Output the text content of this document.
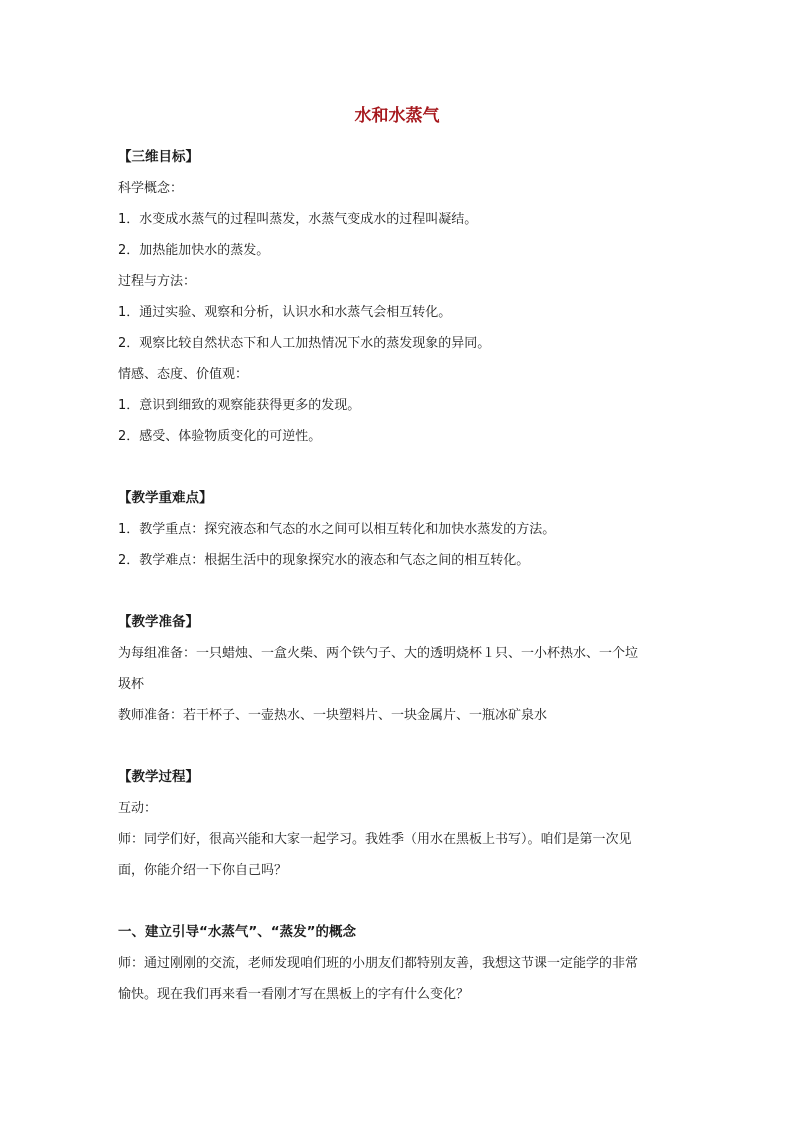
水和水蒸气
【三维目标】
科学概念：
1．水变成水蒸气的过程叫蒸发，水蒸气变成水的过程叫凝结。
2．加热能加快水的蒸发。
过程与方法：
1．通过实验、观察和分析，认识水和水蒸气会相互转化。
2．观察比较自然状态下和人工加热情况下水的蒸发现象的异同。
情感、态度、价值观：
1．意识到细致的观察能获得更多的发现。
2．感受、体验物质变化的可逆性。
【教学重难点】
1．教学重点：探究液态和气态的水之间可以相互转化和加快水蒸发的方法。
2．教学难点：根据生活中的现象探究水的液态和气态之间的相互转化。
【教学准备】
为每组准备：一只蜡烛、一盒火柴、两个铁勺子、大的透明烧杯１只、一小杯热水、一个垃
圾杯
教师准备：若干杯子、一壶热水、一块塑料片、一块金属片、一瓶冰矿泉水
【教学过程】
互动：
师：同学们好，很高兴能和大家一起学习。我姓季（用水在黑板上书写）。咱们是第一次见
面，你能介绍一下你自己吗？
一、建立引导“水蒸气”、“蒸发”的概念
师：通过刚刚的交流，老师发现咱们班的小朋友们都特别友善，我想这节课一定能学的非常
愉快。现在我们再来看一看刚才写在黑板上的字有什么变化？
